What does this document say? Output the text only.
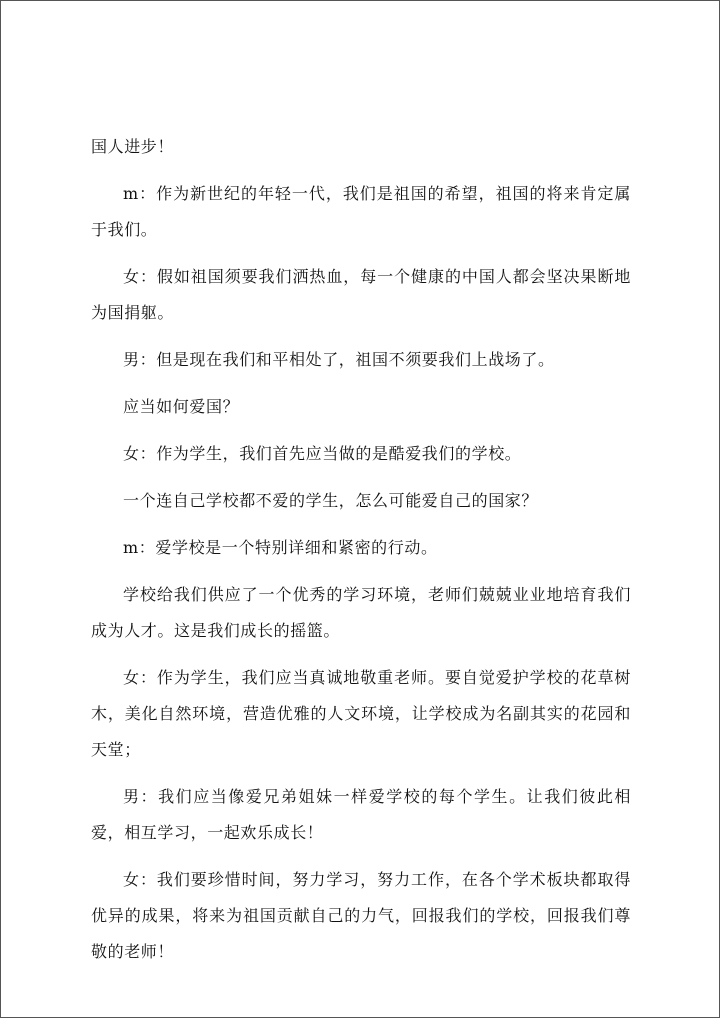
国人进步！

m：作为新世纪的年轻一代，我们是祖国的希望，祖国的将来肯定属于我们。

女：假如祖国须要我们洒热血，每一个健康的中国人都会坚决果断地为国捐躯。

男：但是现在我们和平相处了，祖国不须要我们上战场了。

应当如何爱国？

女：作为学生，我们首先应当做的是酷爱我们的学校。

一个连自己学校都不爱的学生，怎么可能爱自己的国家？

m：爱学校是一个特别详细和紧密的行动。

学校给我们供应了一个优秀的学习环境，老师们兢兢业业地培育我们成为人才。这是我们成长的摇篮。

女：作为学生，我们应当真诚地敬重老师。要自觉爱护学校的花草树木，美化自然环境，营造优雅的人文环境，让学校成为名副其实的花园和天堂；

男：我们应当像爱兄弟姐妹一样爱学校的每个学生。让我们彼此相爱，相互学习，一起欢乐成长！

女：我们要珍惜时间，努力学习，努力工作，在各个学术板块都取得优异的成果，将来为祖国贡献自己的力气，回报我们的学校，回报我们尊敬的老师！
